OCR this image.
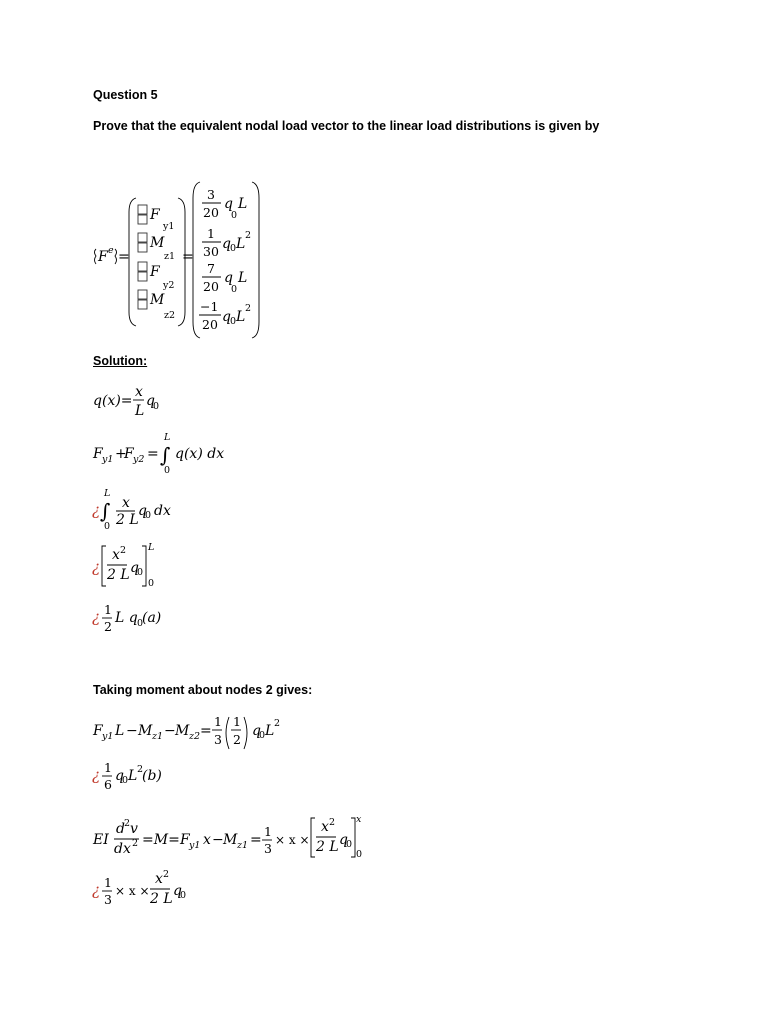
Question 5
Prove that the equivalent nodal load vector to the linear load distributions is given by
Solution:
Taking moment about nodes 2 gives:
F e =
F
y1
M
z1
F
y2
M
z2
=
3
20
q
0
L
1
30 q 0 L
2
7
20
q
0
L
−1
20 q 0 L
2
q(x)=
x
L
q
0
F y1 +
F y2 =
L
∫
0
q(x) dx
¿
L
∫
0
x
2 L
q
0 dx
¿
x 2
2 L q
0
L
0
¿ 1
2
L q 0
(a)
F y1 L − M z1 − M z2 =
1
3
1
2
q
0 L 2
¿ 1
6
q
0 L 2
(b)
EI
d 2 v
dx 2 =M= F y1 x − M z1 =
1
3
× x ×
x 2
2 L q
0
x
0
¿ 1
3
× x ×
x 2
2 L q
0
